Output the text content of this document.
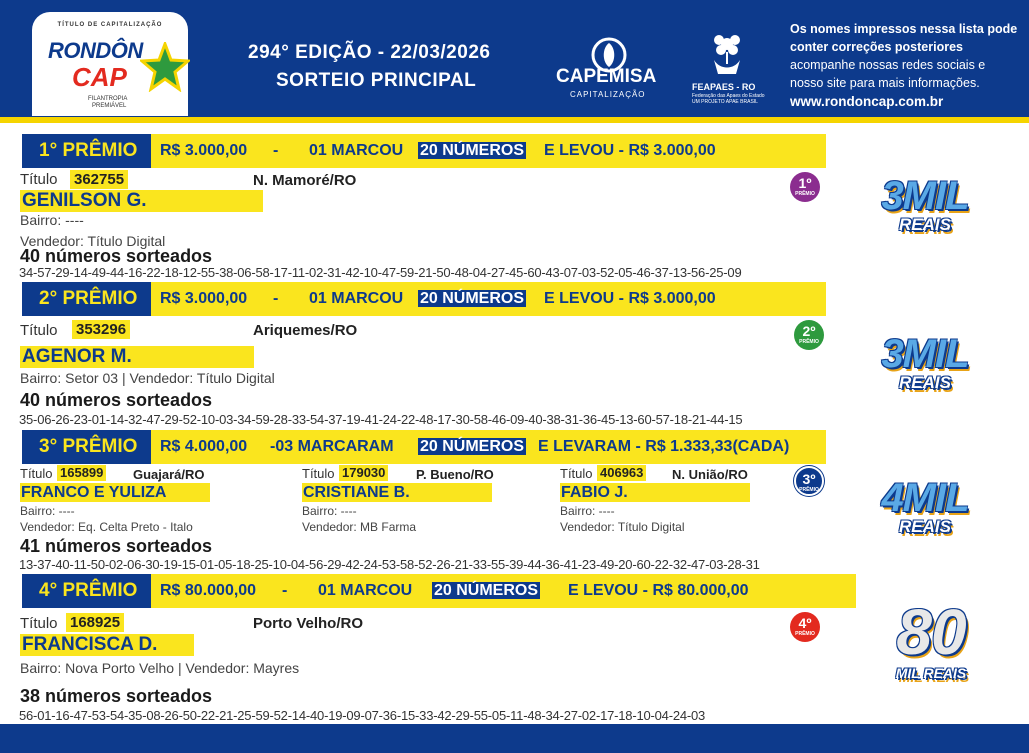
TÍTULO DE CAPITALIZAÇÃO
RONDÔN
CAP
FILANTROPIA
PREMIÁVEL
294° EDIÇÃO - 22/03/2026
SORTEIO PRINCIPAL	CAPEMISA
CAPITALIZAÇÃO
FEAPAES - RO
Federação das Apaes do Estado
UM PROJETO APAE BRASIL
Os nomes impressos nessa lista pode conter correções posteriores acompanhe nossas redes sociais e nosso site para mais informações.
www.rondoncap.com.br
1° PRÊMIO	R$ 3.000,00 - 01 MARCOU 20 NÚMEROS E LEVOU - R$ 3.000,00
Título 362755	N. Mamoré/RO
GENILSON G.
Bairro: ----
Vendedor: Título Digital
40 números sorteados
34-57-29-14-49-44-16-22-18-12-55-38-06-58-17-11-02-31-42-10-47-59-21-50-48-04-27-45-60-43-07-03-52-05-46-37-13-56-25-09
1º
PRÊMIO	3MIL
REAIS
2° PRÊMIO	R$ 3.000,00 - 01 MARCOU 20 NÚMEROS E LEVOU - R$ 3.000,00
Título 353296	Ariquemes/RO
AGENOR M.
Bairro: Setor 03 | Vendedor: Título Digital
40 números sorteados
35-06-26-23-01-14-32-47-29-52-10-03-34-59-28-33-54-37-19-41-24-22-48-17-30-58-46-09-40-38-31-36-45-13-60-57-18-21-44-15
2º
PRÊMIO	3MIL
REAIS
3° PRÊMIO	R$ 4.000,00 -03 MARCARAM 20 NÚMEROS E LEVARAM - R$ 1.333,33(CADA)
Título 165899 Guajará/RO
FRANCO E YULIZA
Bairro: ----
Vendedor: Eq. Celta Preto - Italo
Título 179030 P. Bueno/RO
CRISTIANE B.
Bairro: ----
Vendedor: MB Farma
Título 406963 N. União/RO
FABIO J.
Bairro: ----
Vendedor: Título Digital
41 números sorteados
13-37-40-11-50-02-06-30-19-15-01-05-18-25-10-04-56-29-42-24-53-58-52-26-21-33-55-39-44-36-41-23-49-20-60-22-32-47-03-28-31
3º
PRÊMIO	4MIL
REAIS
4° PRÊMIO	R$ 80.000,00 - 01 MARCOU 20 NÚMEROS E LEVOU - R$ 80.000,00
Título 168925	Porto Velho/RO
FRANCISCA D.
Bairro: Nova Porto Velho | Vendedor: Mayres
38 números sorteados
56-01-16-47-53-54-35-08-26-50-22-21-25-59-52-14-40-19-09-07-36-15-33-42-29-55-05-11-48-34-27-02-17-18-10-04-24-03
4º
PRÊMIO	80
MIL REAIS
